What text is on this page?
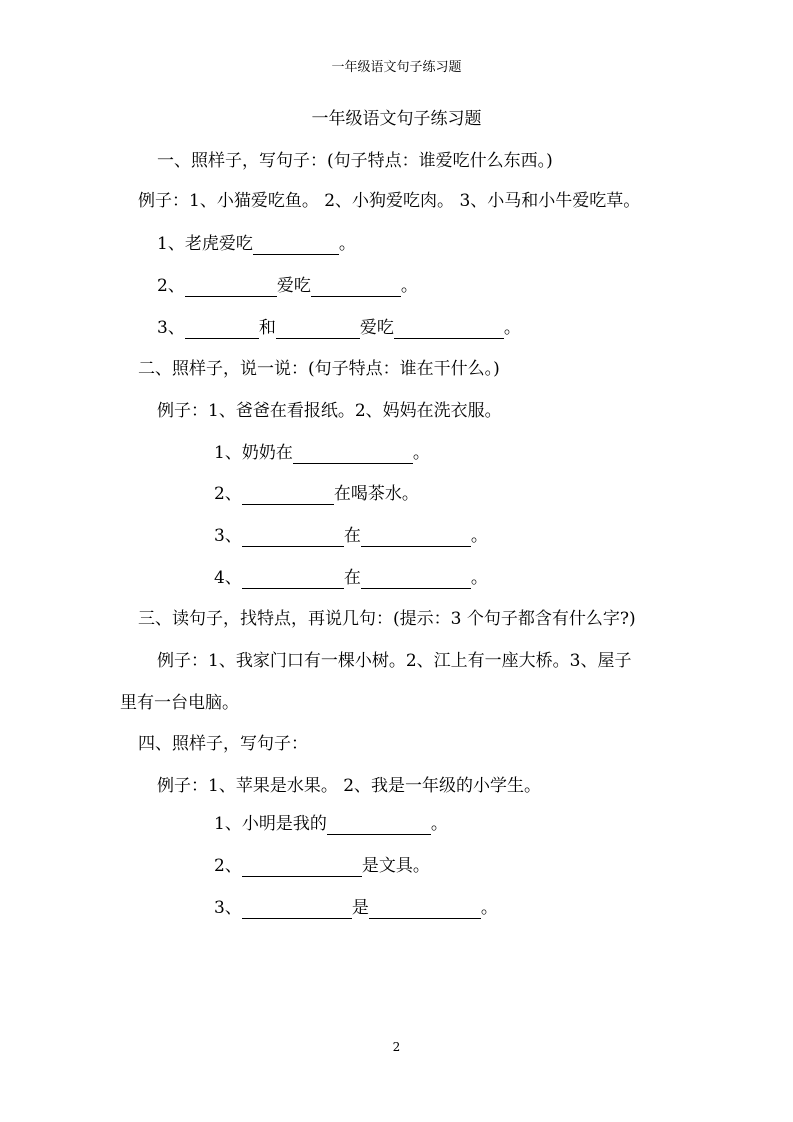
一年级语文句子练习题
一年级语文句子练习题
一、照样子，写句子：(句子特点：谁爱吃什么东西。)
例子：1、小猫爱吃鱼。 2、小狗爱吃肉。 3、小马和小牛爱吃草。
1、老虎爱吃	。
2、	爱吃	。
3、	和	爱吃	。
二、照样子，说一说：(句子特点：谁在干什么。)
例子：1、爸爸在看报纸。2、妈妈在洗衣服。
1、奶奶在	。
2、	在喝茶水。
3、	在	。
4、	在	。
三、读句子，找特点，再说几句：(提示：3 个句子都含有什么字?)
例子：1、我家门口有一棵小树。2、江上有一座大桥。3、屋子
里有一台电脑。
四、照样子，写句子：
例子：1、苹果是水果。 2、我是一年级的小学生。
1、小明是我的	。
2、	是文具。
3、	是	。
2
